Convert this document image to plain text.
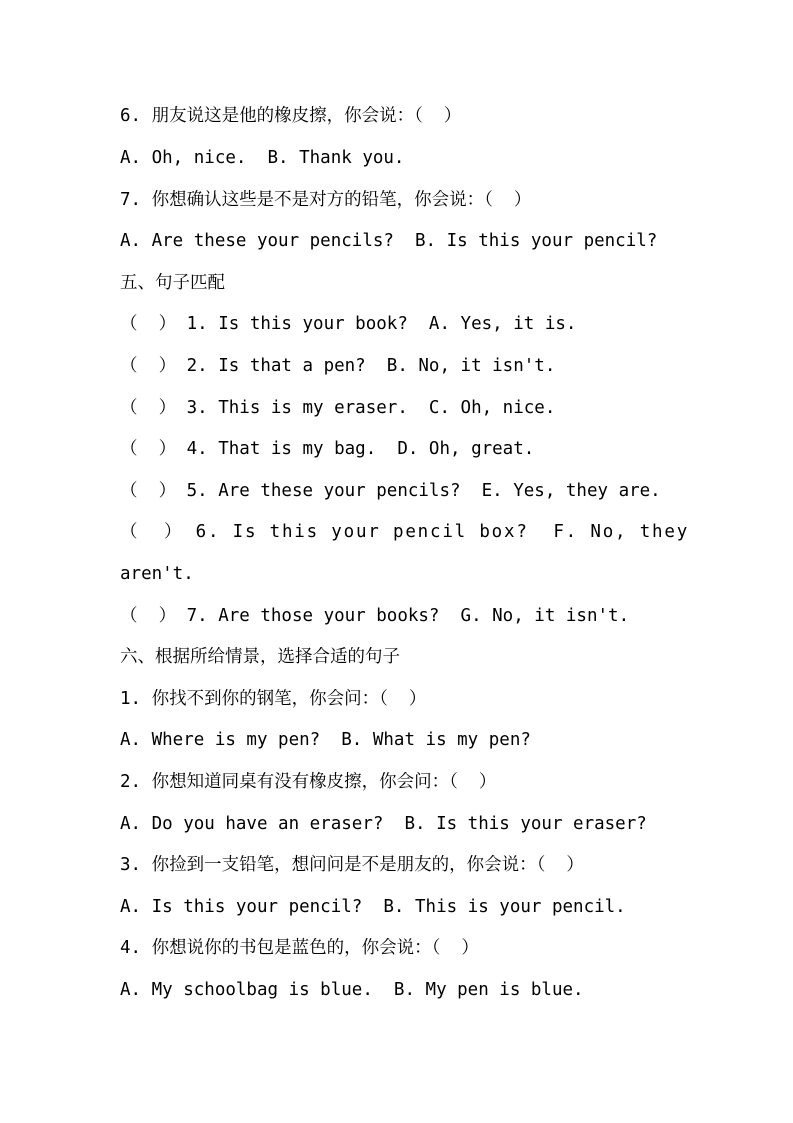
6. 朋友说这是他的橡皮擦，你会说：（  ）
A. Oh, nice.  B. Thank you.
7. 你想确认这些是不是对方的铅笔，你会说：（  ）
A. Are these your pencils?  B. Is this your pencil?
五、句子匹配
（  ） 1. Is this your book?  A. Yes, it is.
（  ） 2. Is that a pen?  B. No, it isn't.
（  ） 3. This is my eraser.  C. Oh, nice.
（  ） 4. That is my bag.  D. Oh, great.
（  ） 5. Are these your pencils?  E. Yes, they are.
（  ） 6. Is this your pencil box?  F. No, they
aren't.
（  ） 7. Are those your books?  G. No, it isn't.
六、根据所给情景，选择合适的句子
1. 你找不到你的钢笔，你会问：（  ）
A. Where is my pen?  B. What is my pen?
2. 你想知道同桌有没有橡皮擦，你会问：（  ）
A. Do you have an eraser?  B. Is this your eraser?
3. 你捡到一支铅笔，想问问是不是朋友的，你会说：（  ）
A. Is this your pencil?  B. This is your pencil.
4. 你想说你的书包是蓝色的，你会说：（  ）
A. My schoolbag is blue.  B. My pen is blue.
